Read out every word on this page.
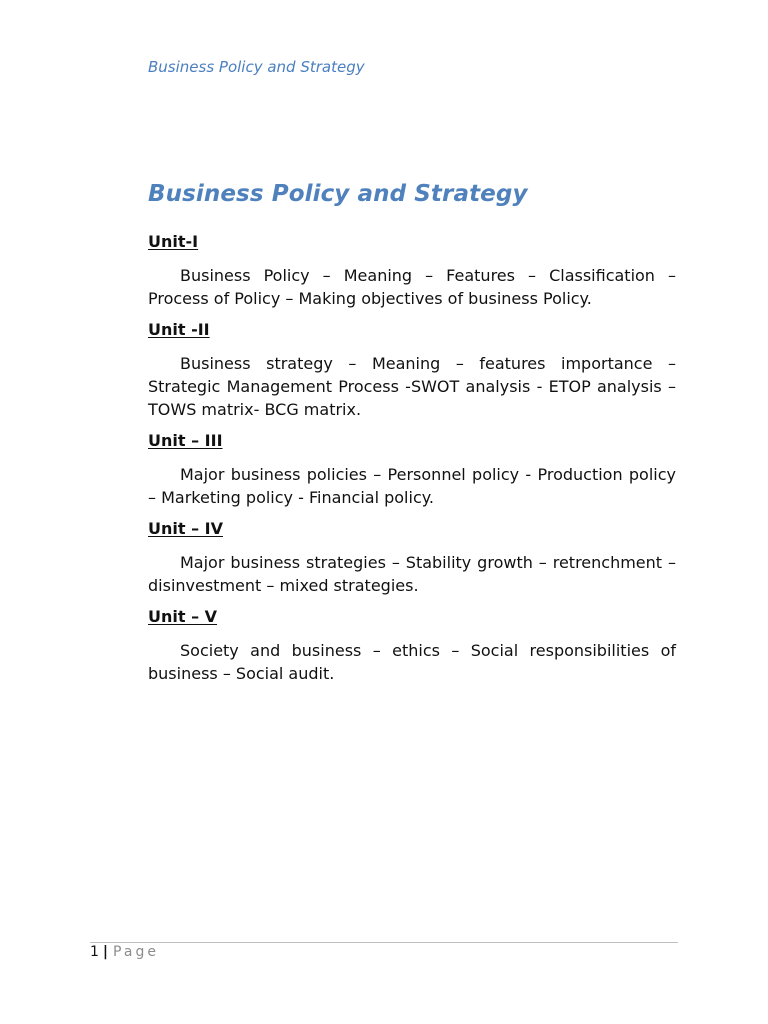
Business Policy and Strategy
Business Policy and Strategy
Unit-I

Business Policy – Meaning – Features – Classification – Process of Policy – Making objectives of business Policy.

Unit -II

Business strategy – Meaning – features importance – Strategic Management Process -SWOT analysis - ETOP analysis – TOWS matrix- BCG matrix.

Unit – III

Major business policies – Personnel policy - Production policy – Marketing policy - Financial policy.

Unit – IV

Major business strategies – Stability growth – retrenchment – disinvestment – mixed strategies.

Unit – V

Society and business – ethics – Social responsibilities of business – Social audit.

1 | Page
